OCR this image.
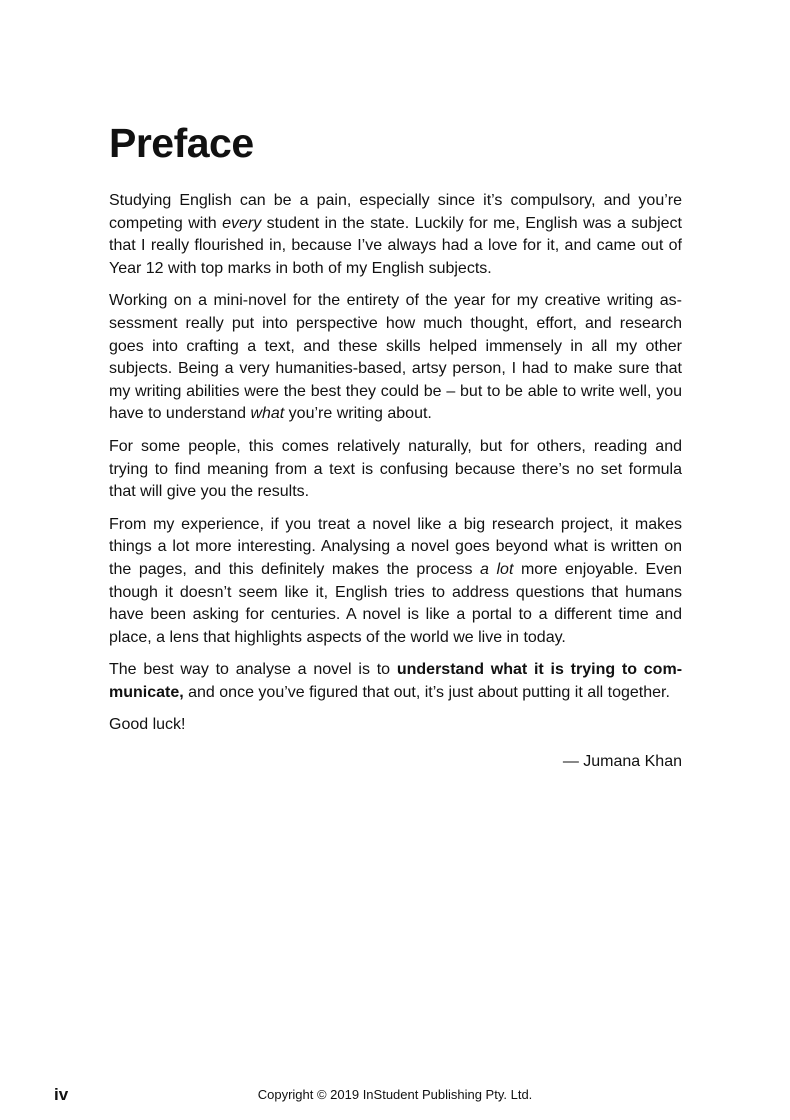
Preface

Studying English can be a pain, especially since it’s compulsory, and you’re competing with every student in the state. Luckily for me, English was a subject that I really flourished in, because I’ve always had a love for it, and came out of Year 12 with top marks in both of my English subjects.

Working on a mini-novel for the entirety of the year for my creative writing assessment really put into perspective how much thought, effort, and research goes into crafting a text, and these skills helped immensely in all my other subjects. Being a very humanities-based, artsy person, I had to make sure that my writing abilities were the best they could be – but to be able to write well, you have to understand what you’re writing about.

For some people, this comes relatively naturally, but for others, reading and trying to find meaning from a text is confusing because there’s no set formula that will give you the results.

From my experience, if you treat a novel like a big research project, it makes things a lot more interesting. Analysing a novel goes beyond what is written on the pages, and this definitely makes the process a lot more enjoyable. Even though it doesn’t seem like it, English tries to address questions that humans have been asking for centuries. A novel is like a portal to a different time and place, a lens that highlights aspects of the world we live in today.

The best way to analyse a novel is to understand what it is trying to communicate, and once you’ve figured that out, it’s just about putting it all together.

Good luck!

— Jumana Khan

iv	Copyright © 2019 InStudent Publishing Pty. Ltd.
